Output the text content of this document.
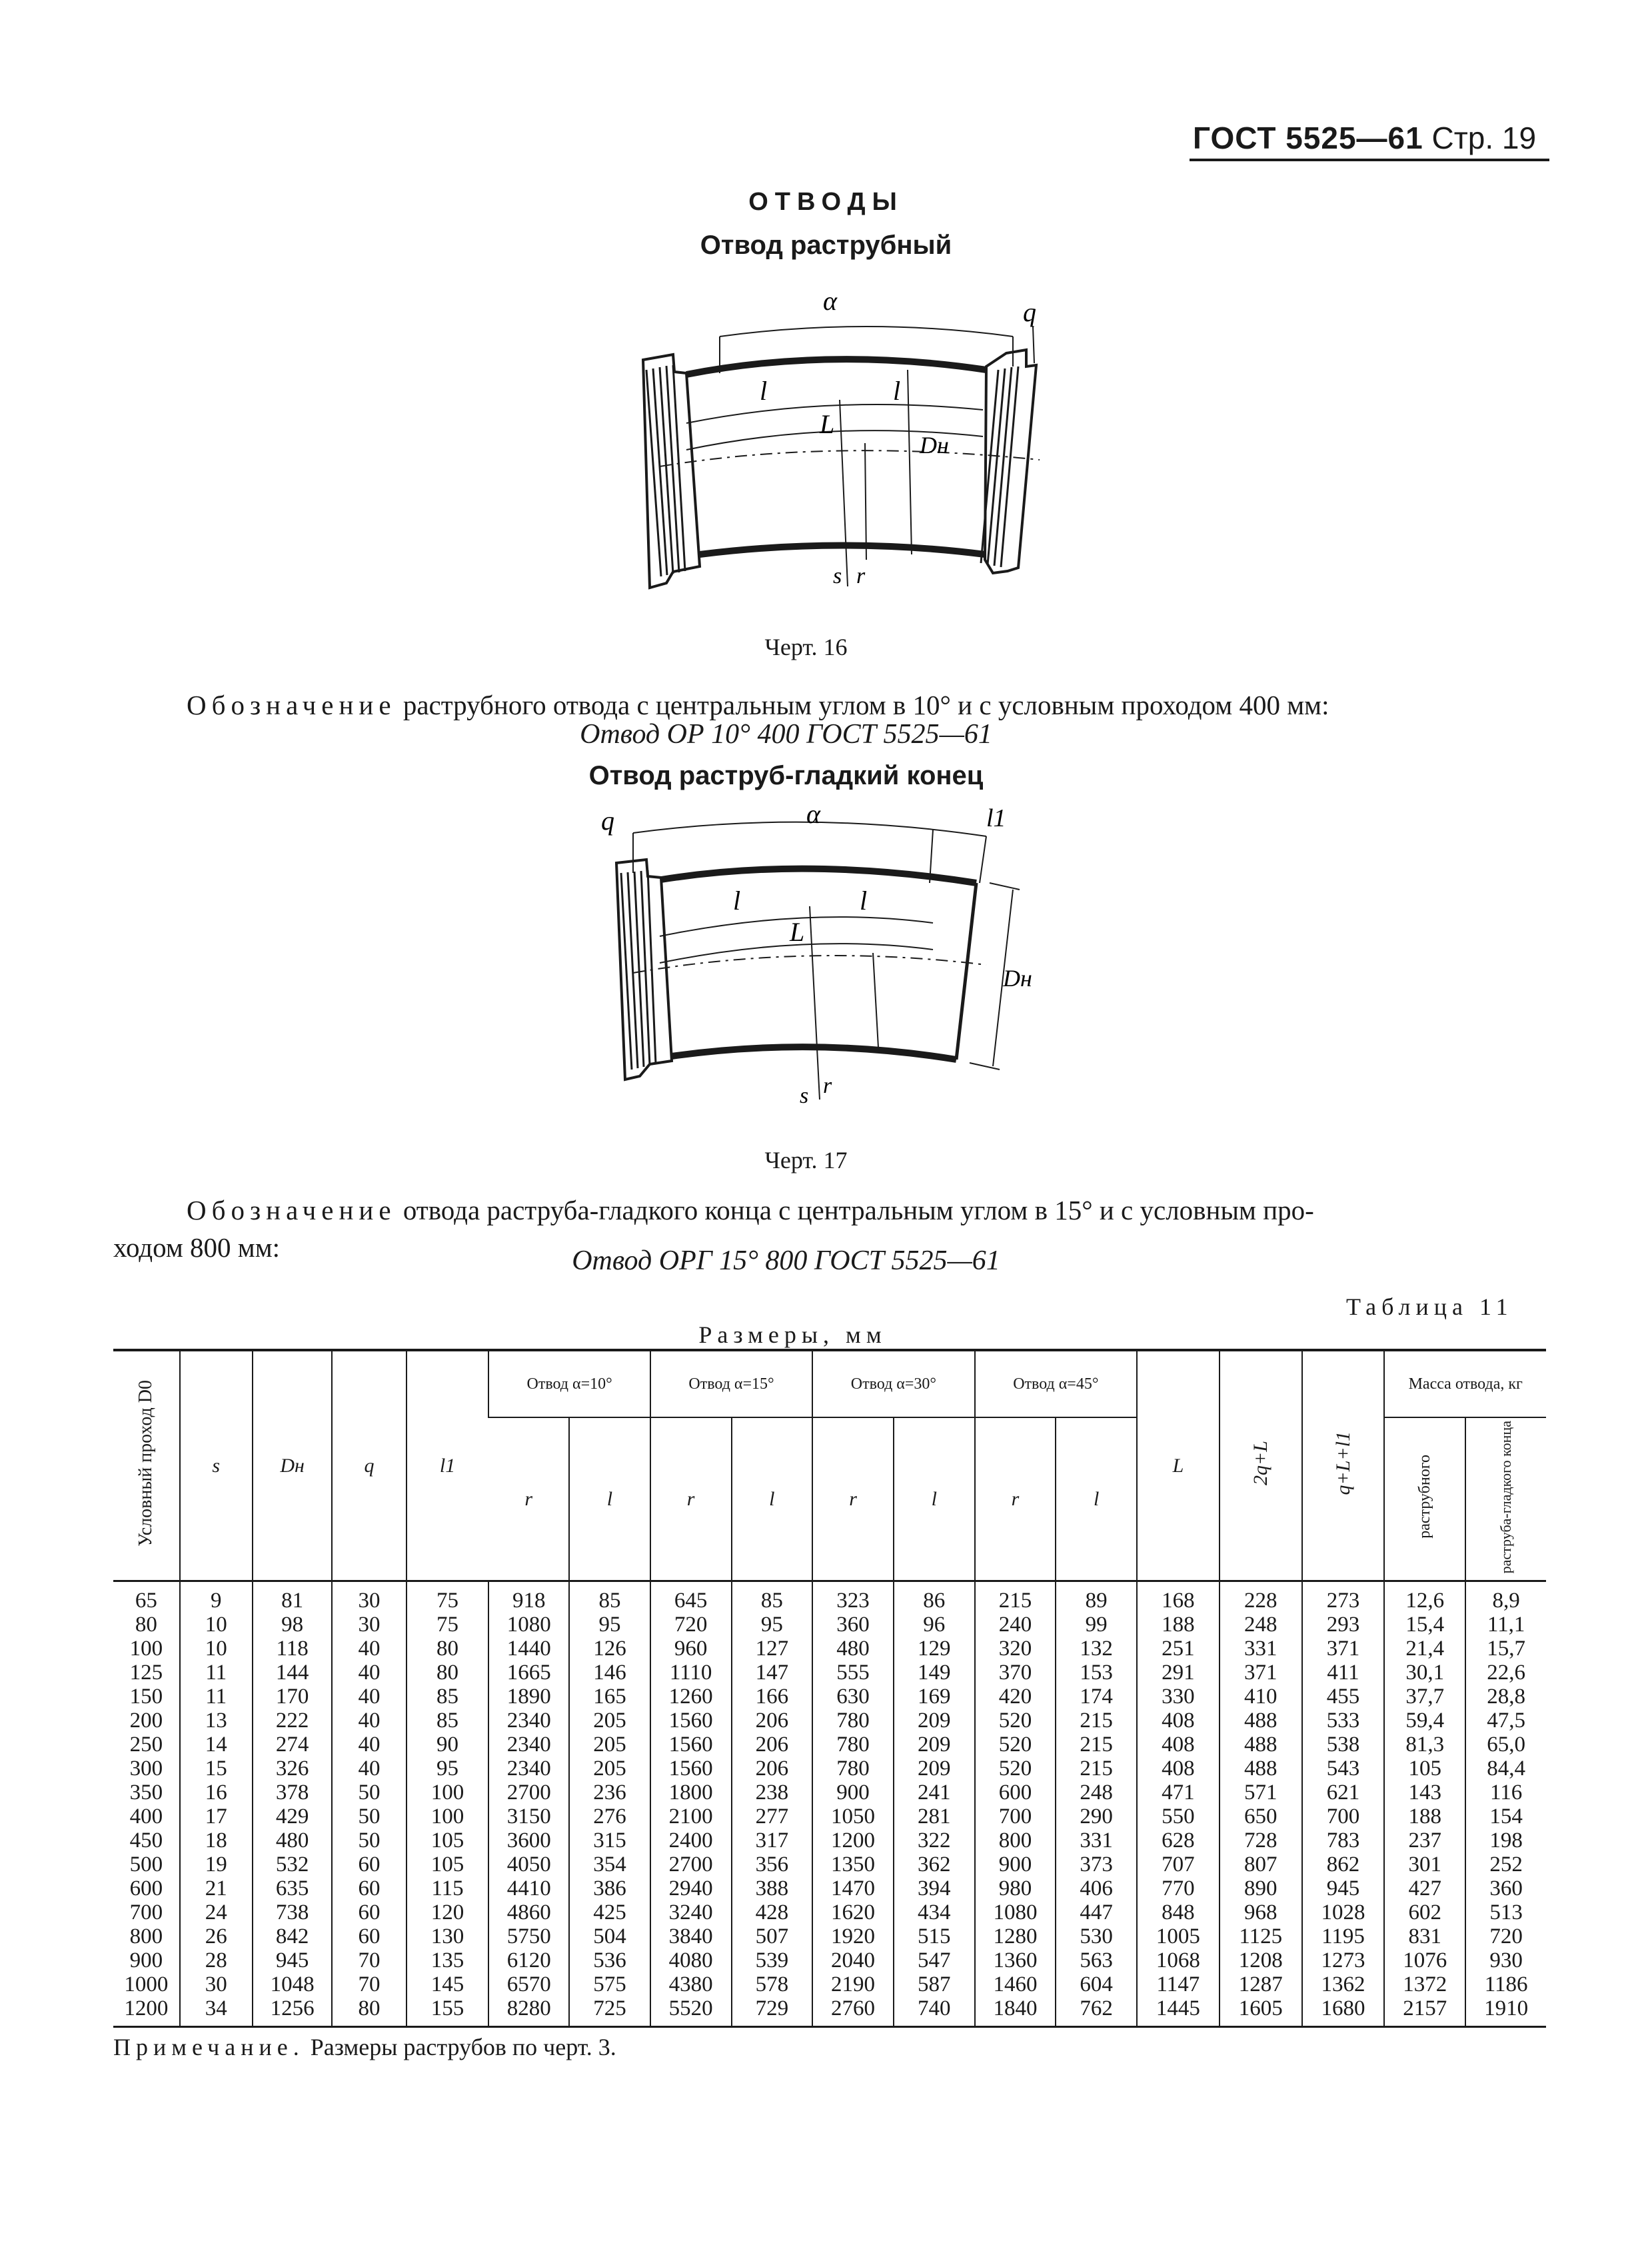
ГОСТ 5525—61 Стр. 19
ОТВОДЫ
Отвод раструбный
α	q
l	l
L
Dн
s r
Черт. 16
Обозначение раструбного отвода с центральным углом в 10° и с условным проходом 400 мм:
Отвод ОР 10° 400 ГОСТ 5525—61
Отвод раструб-гладкий конец
α
q	l1
l	l
L
Dн
s r
Черт. 17
Обозначение отвода раструба-гладкого конца с центральным углом в 15° и с условным про-
ходом 800 мм:	Отвод ОРГ 15° 800 ГОСТ 5525—61
Таблица 11
Размеры, мм
Условный проход D0	s	Dн	q	l1	Отвод α=10°		Отвод α=15°		Отвод α=30°		Отвод α=45°		L	2q+L	q+L+l1	Масса отвода, кг	
					r	l	r	l	r	l	r	l				раструбного	раструба-гладкого конца
65	9	81	30	75	918	85	645	85	323	86	215	89	168	228	273	12,6	8,9
80	10	98	30	75	1080	95	720	95	360	96	240	99	188	248	293	15,4	11,1
100	10	118	40	80	1440	126	960	127	480	129	320	132	251	331	371	21,4	15,7
125	11	144	40	80	1665	146	1110	147	555	149	370	153	291	371	411	30,1	22,6
150	11	170	40	85	1890	165	1260	166	630	169	420	174	330	410	455	37,7	28,8
200	13	222	40	85	2340	205	1560	206	780	209	520	215	408	488	533	59,4	47,5
250	14	274	40	90	2340	205	1560	206	780	209	520	215	408	488	538	81,3	65,0
300	15	326	40	95	2340	205	1560	206	780	209	520	215	408	488	543	105	84,4
350	16	378	50	100	2700	236	1800	238	900	241	600	248	471	571	621	143	116
400	17	429	50	100	3150	276	2100	277	1050	281	700	290	550	650	700	188	154
450	18	480	50	105	3600	315	2400	317	1200	322	800	331	628	728	783	237	198
500	19	532	60	105	4050	354	2700	356	1350	362	900	373	707	807	862	301	252
600	21	635	60	115	4410	386	2940	388	1470	394	980	406	770	890	945	427	360
700	24	738	60	120	4860	425	3240	428	1620	434	1080	447	848	968	1028	602	513
800	26	842	60	130	5750	504	3840	507	1920	515	1280	530	1005	1125	1195	831	720
900	28	945	70	135	6120	536	4080	539	2040	547	1360	563	1068	1208	1273	1076	930
1000	30	1048	70	145	6570	575	4380	578	2190	587	1460	604	1147	1287	1362	1372	1186
1200	34	1256	80	155	8280	725	5520	729	2760	740	1840	762	1445	1605	1680	2157	1910
Примечание. Размеры раструбов по черт. 3.
